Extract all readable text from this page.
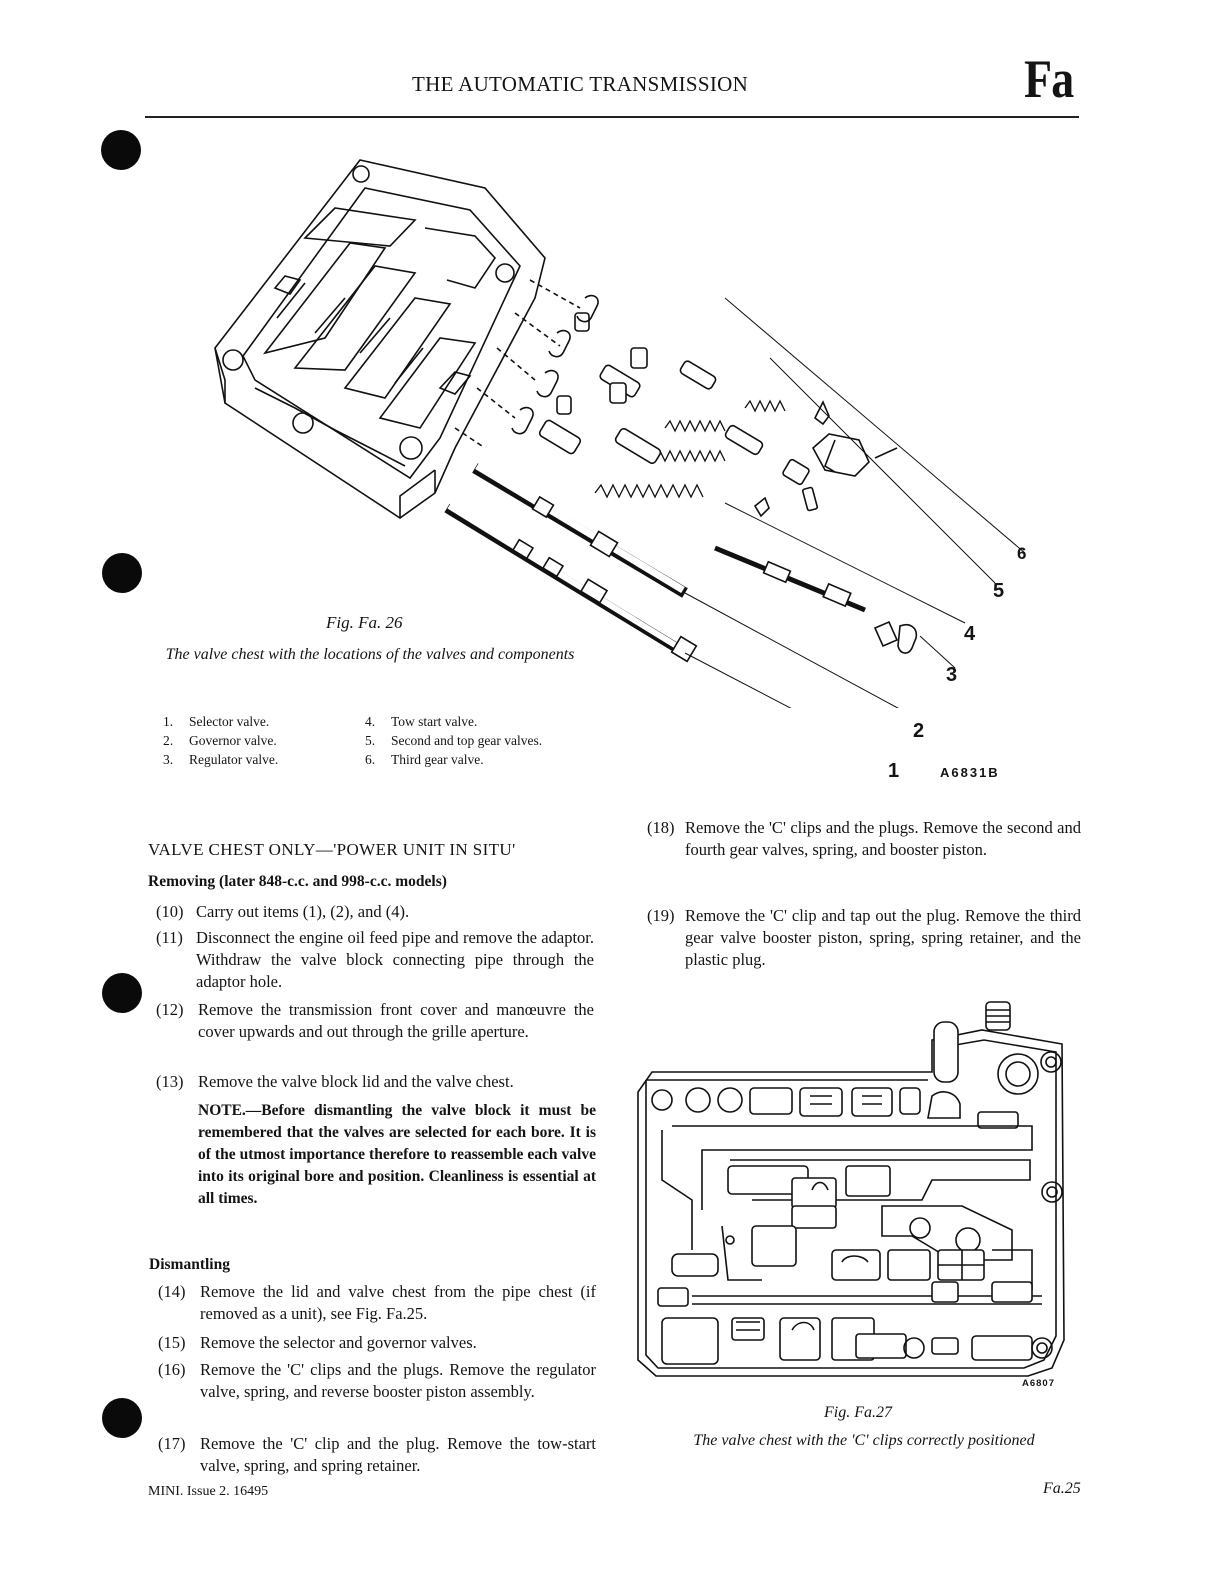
THE AUTOMATIC TRANSMISSION	Fa
6
5
4
3
2
1	A6831B
Fig. Fa. 26
The valve chest with the locations of the valves and components
1. Selector valve.
2. Governor valve.
3. Regulator valve.
4. Tow start valve.
5. Second and top gear valves.
6. Third gear valve.
VALVE CHEST ONLY—'POWER UNIT IN SITU'
Removing (later 848-c.c. and 998-c.c. models)
(10) Carry out items (1), (2), and (4).
(11) Disconnect the engine oil feed pipe and remove the adaptor. Withdraw the valve block connecting pipe through the adaptor hole.
(12) Remove the transmission front cover and manœuvre the cover upwards and out through the grille aperture.
(13) Remove the valve block lid and the valve chest.
NOTE.—Before dismantling the valve block it must be remembered that the valves are selected for each bore. It is of the utmost importance therefore to reassemble each valve into its original bore and position. Cleanliness is essential at all times.
Dismantling
(14) Remove the lid and valve chest from the pipe chest (if removed as a unit), see Fig. Fa.25.
(15) Remove the selector and governor valves.
(16) Remove the 'C' clips and the plugs. Remove the regulator valve, spring, and reverse booster piston assembly.
(17) Remove the 'C' clip and the plug. Remove the tow-start valve, spring, and spring retainer.
(18) Remove the 'C' clips and the plugs. Remove the second and fourth gear valves, spring, and booster piston.
(19) Remove the 'C' clip and tap out the plug. Remove the third gear valve booster piston, spring, spring retainer, and the plastic plug.
A6807
Fig. Fa.27
The valve chest with the 'C' clips correctly positioned
MINI. Issue 2. 16495	Fa.25
